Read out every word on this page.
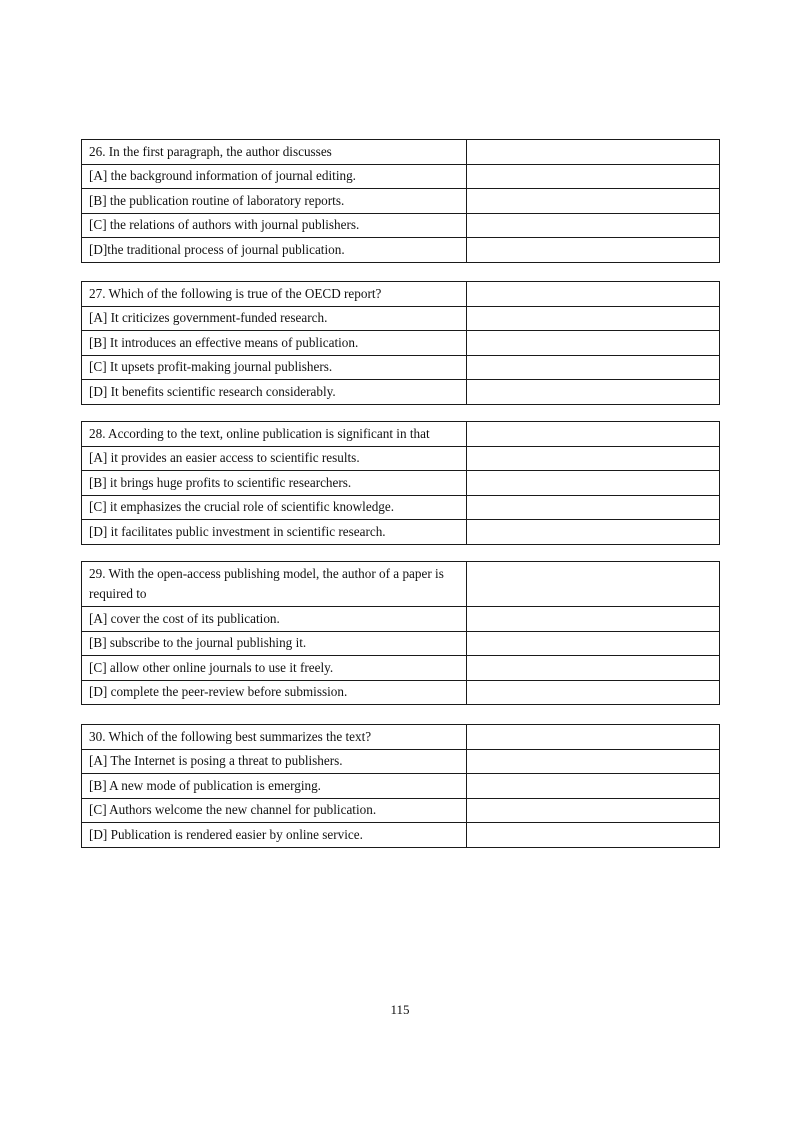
26. In the first paragraph, the author discusses	
[A] the background information of journal editing.	
[B] the publication routine of laboratory reports.	
[C] the relations of authors with journal publishers.	
[D]the traditional process of journal publication.	
27. Which of the following is true of the OECD report?	
[A] It criticizes government-funded research.	
[B] It introduces an effective means of publication.	
[C] It upsets profit-making journal publishers.	
[D] It benefits scientific research considerably.	
28. According to the text, online publication is significant in that	
[A] it provides an easier access to scientific results.	
[B] it brings huge profits to scientific researchers.	
[C] it emphasizes the crucial role of scientific knowledge.	
[D] it facilitates public investment in scientific research.	
29. With the open-access publishing model, the author of a paper is required to	
[A] cover the cost of its publication.	
[B] subscribe to the journal publishing it.	
[C] allow other online journals to use it freely.	
[D] complete the peer-review before submission.	
30. Which of the following best summarizes the text?	
[A] The Internet is posing a threat to publishers.	
[B] A new mode of publication is emerging.	
[C] Authors welcome the new channel for publication.	
[D] Publication is rendered easier by online service.	
115
